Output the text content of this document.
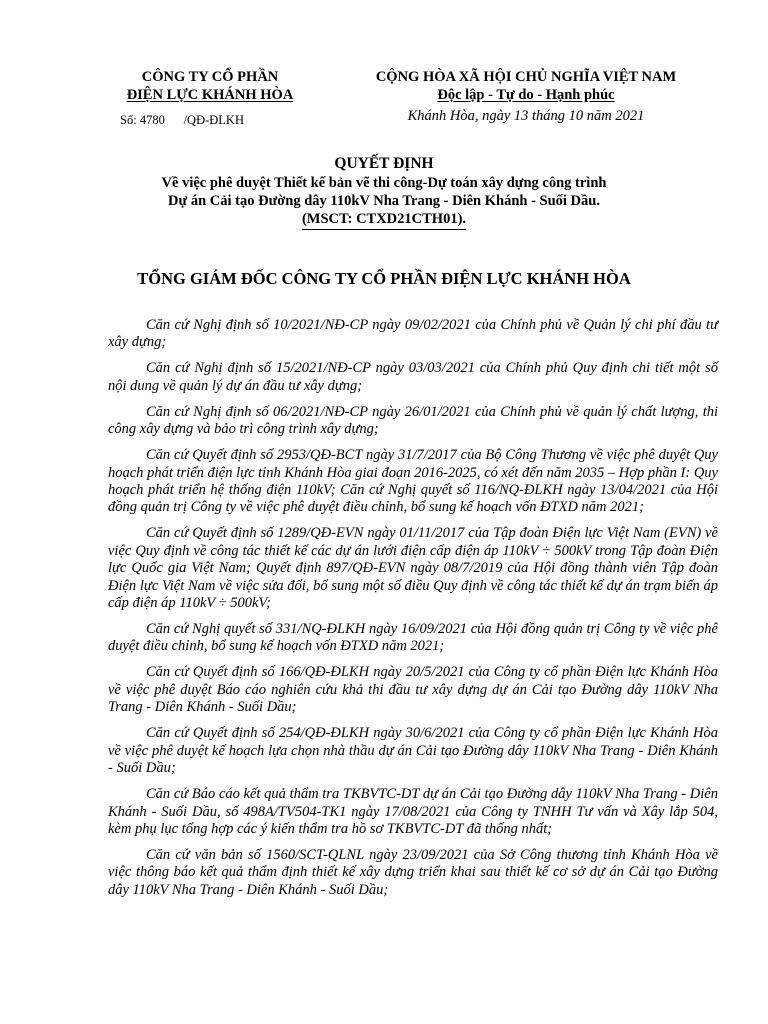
CÔNG TY CỔ PHẦN
ĐIỆN LỰC KHÁNH HÒA
Số: 4780 /QĐ-ĐLKH
CỘNG HÒA XÃ HỘI CHỦ NGHĨA VIỆT NAM
Độc lập - Tự do - Hạnh phúc
Khánh Hòa, ngày 13 tháng 10 năm 2021
QUYẾT ĐỊNH
Về việc phê duyệt Thiết kế bản vẽ thi công-Dự toán xây dựng công trình
Dự án Cải tạo Đường dây 110kV Nha Trang - Diên Khánh - Suối Dầu.
(MSCT: CTXD21CTH01).
TỔNG GIÁM ĐỐC CÔNG TY CỔ PHẦN ĐIỆN LỰC KHÁNH HÒA

Căn cứ Nghị định số 10/2021/NĐ-CP ngày 09/02/2021 của Chính phủ về Quản lý chi phí đầu tư xây dựng;

Căn cứ Nghị định số 15/2021/NĐ-CP ngày 03/03/2021 của Chính phủ Quy định chi tiết một số nội dung về quản lý dự án đầu tư xây dựng;

Căn cứ Nghị định số 06/2021/NĐ-CP ngày 26/01/2021 của Chính phủ về quản lý chất lượng, thi công xây dựng và bảo trì công trình xây dựng;

Căn cứ Quyết định số 2953/QĐ-BCT ngày 31/7/2017 của Bộ Công Thương về việc phê duyệt Quy hoạch phát triển điện lực tỉnh Khánh Hòa giai đoạn 2016-2025, có xét đến năm 2035 – Hợp phần I: Quy hoạch phát triển hệ thống điện 110kV; Căn cứ Nghị quyết số 116/NQ-ĐLKH ngày 13/04/2021 của Hội đồng quản trị Công ty về việc phê duyệt điều chỉnh, bổ sung kế hoạch vốn ĐTXD năm 2021;

Căn cứ Quyết định số 1289/QĐ-EVN ngày 01/11/2017 của Tập đoàn Điện lực Việt Nam (EVN) về việc Quy định về công tác thiết kế các dự án lưới điện cấp điện áp 110kV ÷ 500kV trong Tập đoàn Điện lực Quốc gia Việt Nam; Quyết định 897/QĐ-EVN ngày 08/7/2019 của Hội đồng thành viên Tập đoàn Điện lực Việt Nam về việc sửa đổi, bổ sung một số điều Quy định về công tác thiết kế dự án trạm biến áp cấp điện áp 110kV ÷ 500kV;

Căn cứ Nghị quyết số 331/NQ-ĐLKH ngày 16/09/2021 của Hội đồng quản trị Công ty về việc phê duyệt điều chỉnh, bổ sung kế hoạch vốn ĐTXD năm 2021;

Căn cứ Quyết định số 166/QĐ-ĐLKH ngày 20/5/2021 của Công ty cổ phần Điện lực Khánh Hòa về việc phê duyệt Báo cáo nghiên cứu khả thi đầu tư xây dựng dự án Cải tạo Đường dây 110kV Nha Trang - Diên Khánh - Suối Dầu;

Căn cứ Quyết định số 254/QĐ-ĐLKH ngày 30/6/2021 của Công ty cổ phần Điện lực Khánh Hòa về việc phê duyệt kế hoạch lựa chọn nhà thầu dự án Cải tạo Đường dây 110kV Nha Trang - Diên Khánh - Suối Dầu;

Căn cứ Báo cáo kết quả thẩm tra TKBVTC-DT dự án Cải tạo Đường dây 110kV Nha Trang - Diên Khánh - Suối Dầu, số 498A/TV504-TK1 ngày 17/08/2021 của Công ty TNHH Tư vấn và Xây lắp 504, kèm phụ lục tổng hợp các ý kiến thẩm tra hồ sơ TKBVTC-DT đã thống nhất;

Căn cứ văn bản số 1560/SCT-QLNL ngày 23/09/2021 của Sở Công thương tỉnh Khánh Hòa về việc thông báo kết quả thẩm định thiết kế xây dựng triển khai sau thiết kế cơ sở dự án Cải tạo Đường dây 110kV Nha Trang - Diên Khánh - Suối Dầu;
